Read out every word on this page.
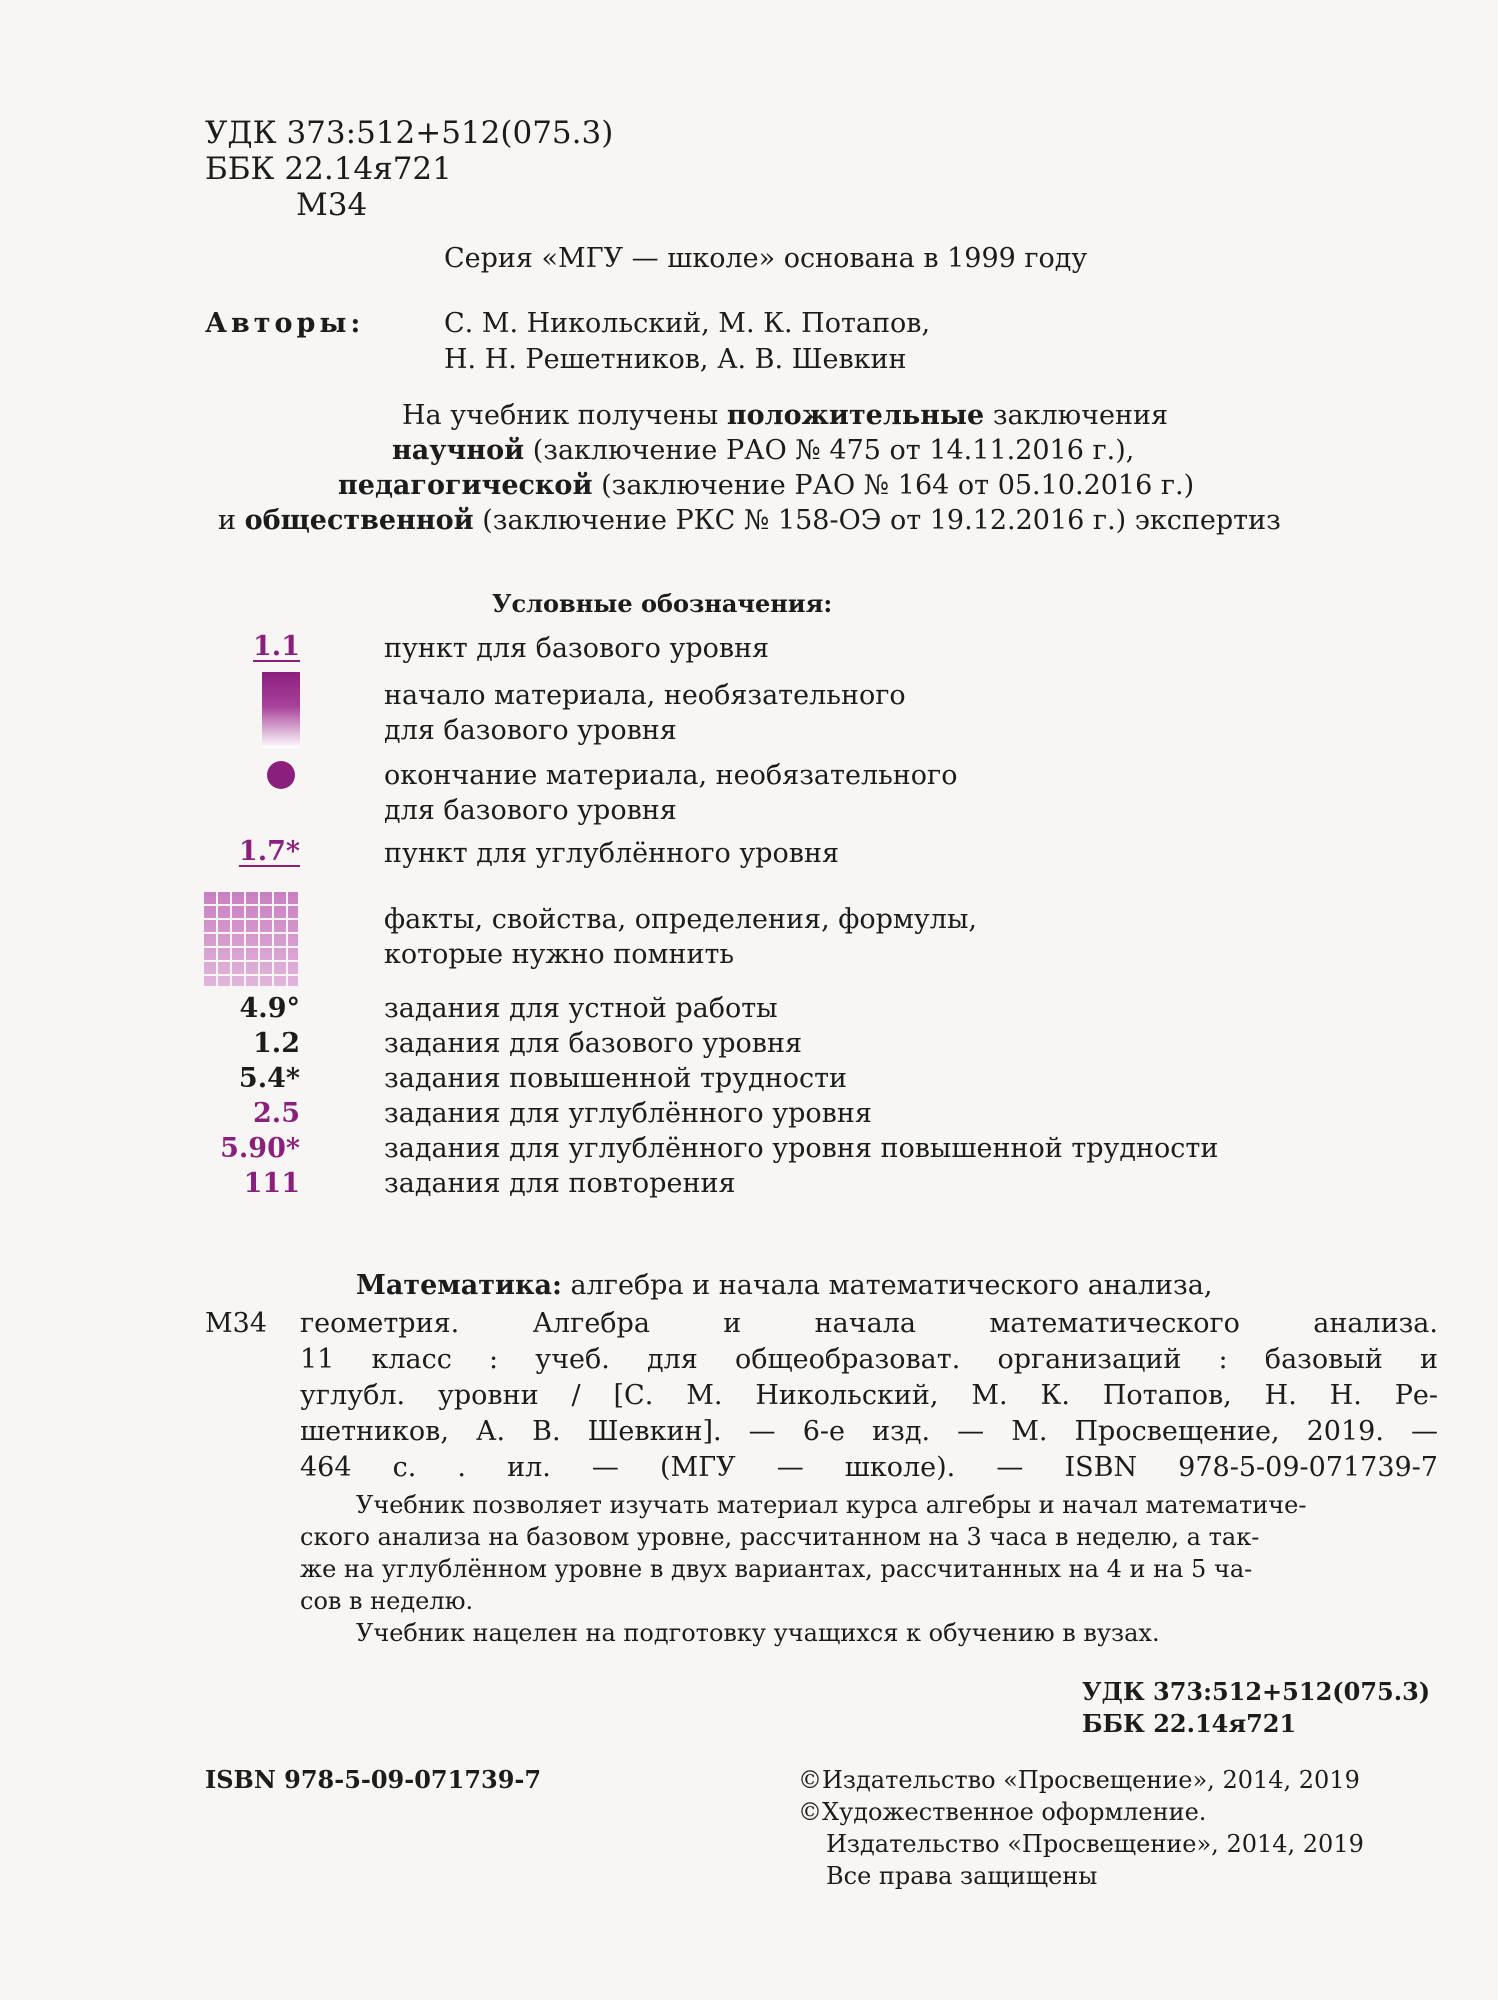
УДК 373:512+512(075.3)
ББК 22.14я721
М34
Серия «МГУ — школе» основана в 1999 году
Авторы:	С. М. Никольский, М. К. Потапов,
Н. Н. Решетников, А. В. Шевкин
На учебник получены положительные заключения
научной (заключение РАО № 475 от 14.11.2016 г.),
педагогической (заключение РАО № 164 от 05.10.2016 г.)
и общественной (заключение РКС № 158-ОЭ от 19.12.2016 г.) экспертиз
Условные обозначения:
1.1	пункт для базового уровня
начало материала, необязательного
для базового уровня
окончание материала, необязательного
для базового уровня
1.7*	пункт для углублённого уровня
факты, свойства, определения, формулы,
которые нужно помнить
4.9°	задания для устной работы
1.2	задания для базового уровня
5.4*	задания повышенной трудности
2.5	задания для углублённого уровня
5.90*	задания для углублённого уровня повышенной трудности
111	задания для повторения
М34
Математика: алгебра и начала математического анализа,
геометрия. Алгебра и начала математического анализа.
11 класс : учеб. для общеобразоват. организаций : базовый и
углубл. уровни / [С. М. Никольский, М. К. Потапов, Н. Н. Ре-
шетников, А. В. Шевкин]. — 6-е изд. — М. Просвещение, 2019. —
464 с. . ил. — (МГУ — школе). — ISBN 978-5-09-071739-7
Учебник позволяет изучать материал курса алгебры и начал математиче-
ского анализа на базовом уровне, рассчитанном на 3 часа в неделю, а так-
же на углублённом уровне в двух вариантах, рассчитанных на 4 и на 5 ча-
сов в неделю.
Учебник нацелен на подготовку учащихся к обучению в вузах.
УДК 373:512+512(075.3)
ББК 22.14я721
ISBN 978-5-09-071739-7	©Издательство «Просвещение», 2014, 2019
©Художественное оформление.
Издательство «Просвещение», 2014, 2019
Все права защищены
